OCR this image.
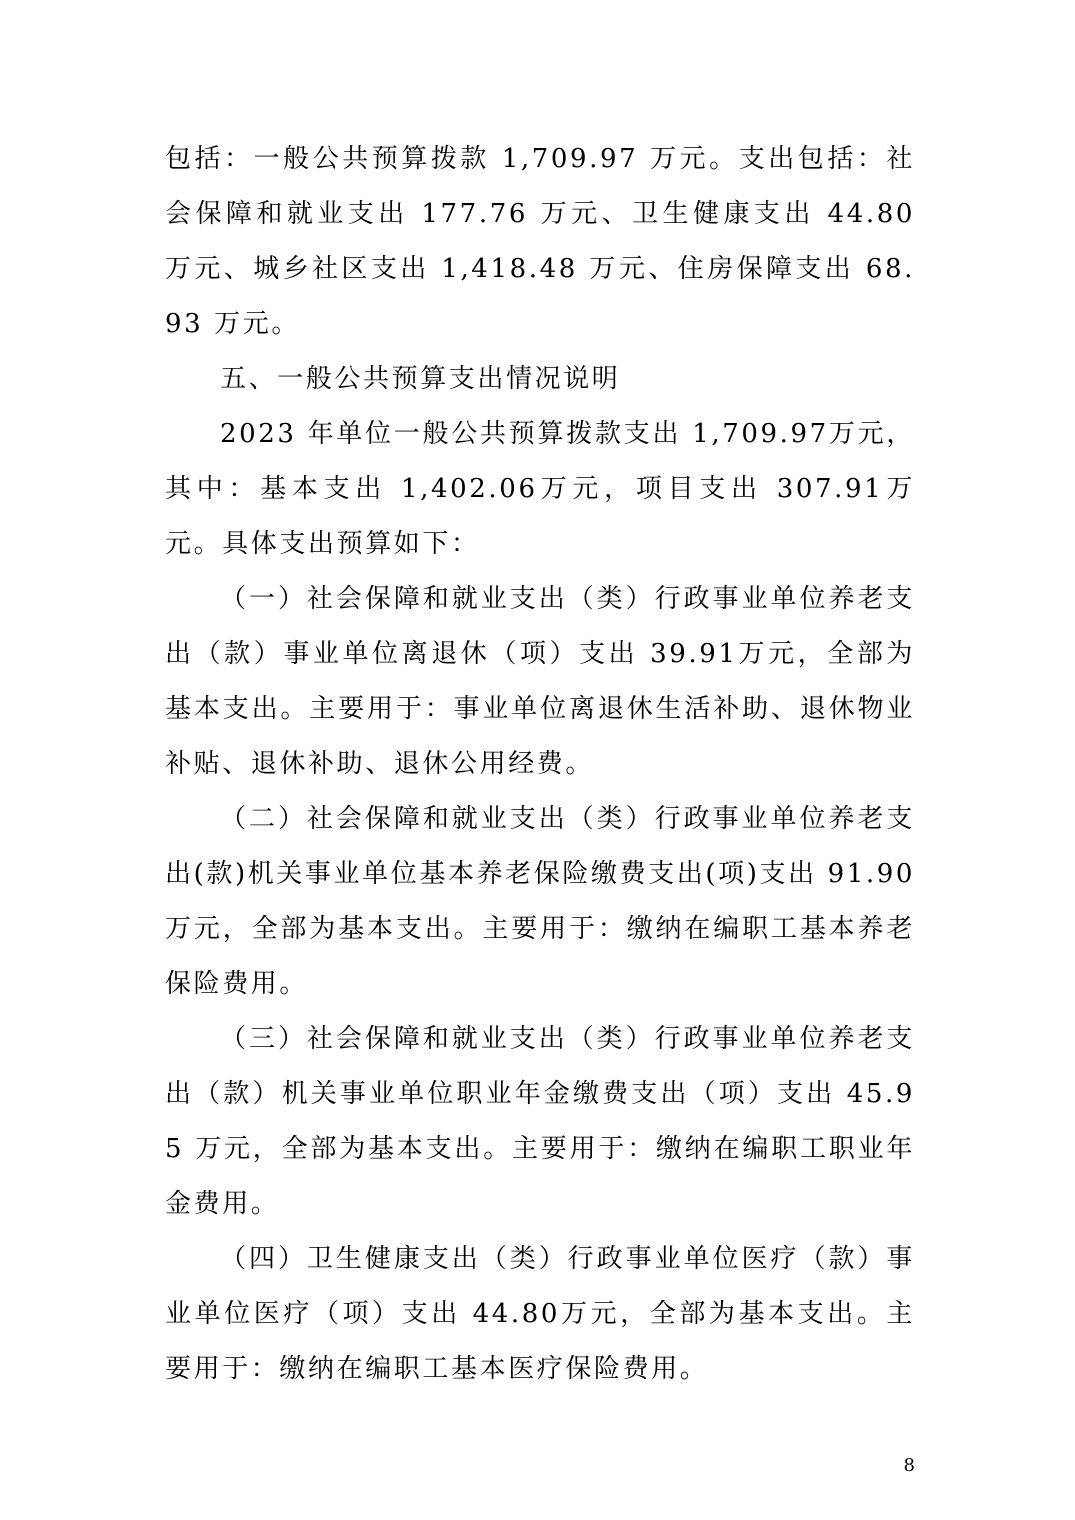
包括：一般公共预算拨款 1,709.97 万元。支出包括：社会保障和就业支出 177.76 万元、卫生健康支出 44.80 万元、城乡社区支出 1,418.48 万元、住房保障支出 68.93 万元。

五、一般公共预算支出情况说明

2023 年单位一般公共预算拨款支出 1,709.97万元，其中：基本支出 1,402.06万元，项目支出 307.91万元。具体支出预算如下：

（一）社会保障和就业支出（类）行政事业单位养老支出（款）事业单位离退休（项）支出 39.91万元，全部为基本支出。主要用于：事业单位离退休生活补助、退休物业补贴、退休补助、退休公用经费。

（二）社会保障和就业支出（类）行政事业单位养老支出(款)机关事业单位基本养老保险缴费支出(项)支出 91.90 万元，全部为基本支出。主要用于：缴纳在编职工基本养老保险费用。

（三）社会保障和就业支出（类）行政事业单位养老支出（款）机关事业单位职业年金缴费支出（项）支出 45.95 万元，全部为基本支出。主要用于：缴纳在编职工职业年金费用。

（四）卫生健康支出（类）行政事业单位医疗（款）事业单位医疗（项）支出 44.80万元，全部为基本支出。主要用于：缴纳在编职工基本医疗保险费用。

8
